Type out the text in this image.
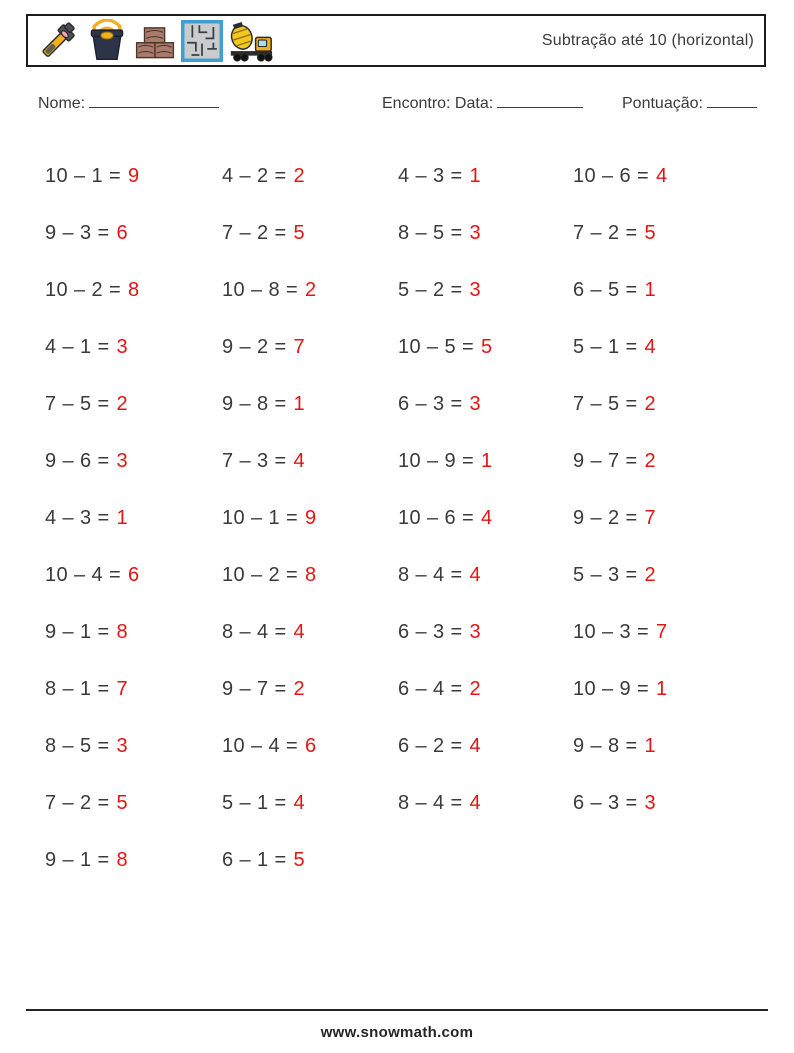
Subtração até 10 (horizontal)
Nome:	Encontro: Data:	Pontuação:
10 – 1 = 9	4 – 2 = 2	4 – 3 = 1	10 – 6 = 4
9 – 3 = 6	7 – 2 = 5	8 – 5 = 3	7 – 2 = 5
10 – 2 = 8	10 – 8 = 2	5 – 2 = 3	6 – 5 = 1
4 – 1 = 3	9 – 2 = 7	10 – 5 = 5	5 – 1 = 4
7 – 5 = 2	9 – 8 = 1	6 – 3 = 3	7 – 5 = 2
9 – 6 = 3	7 – 3 = 4	10 – 9 = 1	9 – 7 = 2
4 – 3 = 1	10 – 1 = 9	10 – 6 = 4	9 – 2 = 7
10 – 4 = 6	10 – 2 = 8	8 – 4 = 4	5 – 3 = 2
9 – 1 = 8	8 – 4 = 4	6 – 3 = 3	10 – 3 = 7
8 – 1 = 7	9 – 7 = 2	6 – 4 = 2	10 – 9 = 1
8 – 5 = 3	10 – 4 = 6	6 – 2 = 4	9 – 8 = 1
7 – 2 = 5	5 – 1 = 4	8 – 4 = 4	6 – 3 = 3
9 – 1 = 8	6 – 1 = 5
www.snowmath.com
